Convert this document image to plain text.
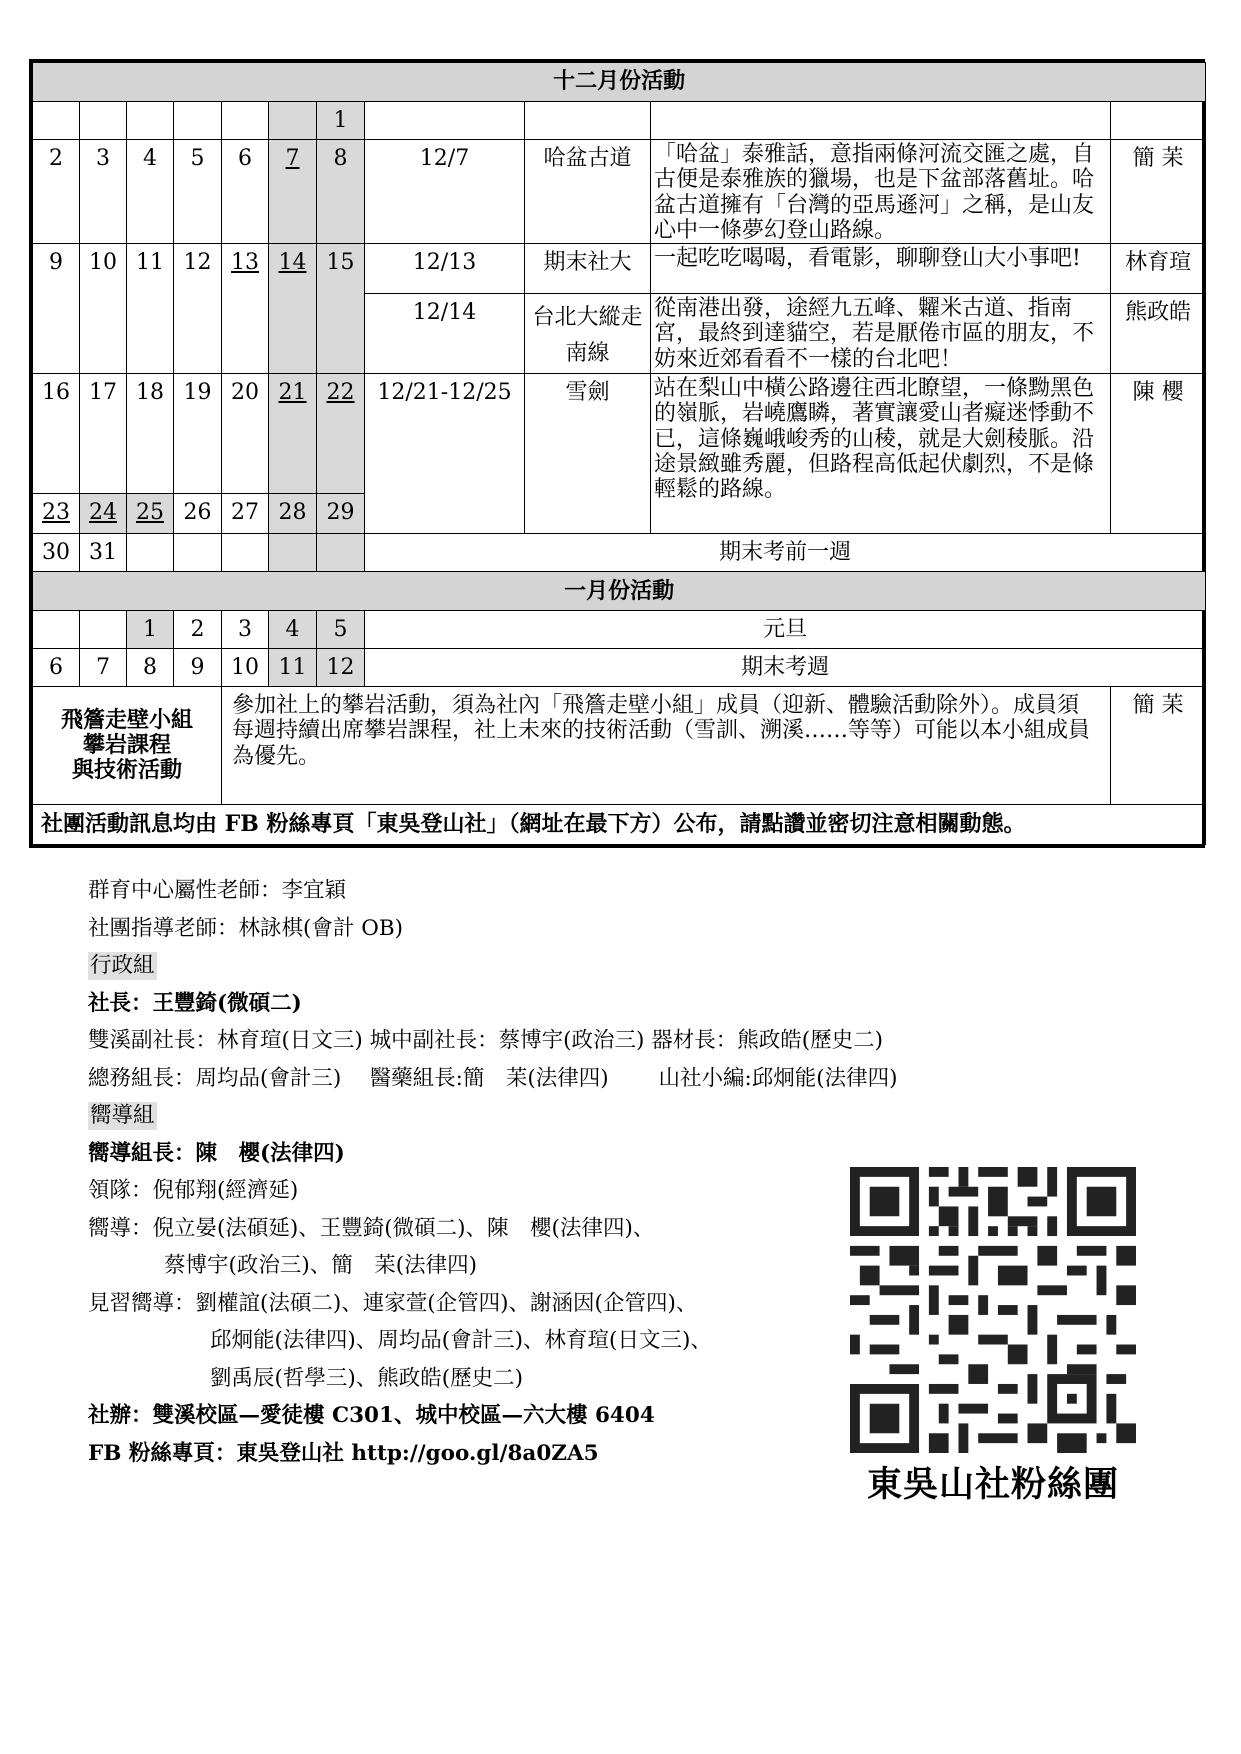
十二月份活動										
						1				
2	3	4	5	6	7	8	12/7	哈盆古道	「哈盆」泰雅話，意指兩條河流交匯之處，自古便是泰雅族的獵場，也是下盆部落舊址。哈盆古道擁有「台灣的亞馬遜河」之稱，是山友心中一條夢幻登山路線。	簡 苿
9	10	11	12	13	14	15	12/13	期末社大	一起吃吃喝喝，看電影，聊聊登山大小事吧!	林育瑄
							12/14	台北大縱走南線	從南港出發，途經九五峰、糶米古道、指南宮，最終到達貓空，若是厭倦市區的朋友，不妨來近郊看看不一樣的台北吧！	熊政皓
16	17	18	19	20	21	22	12/21-12/25	雪劍	站在梨山中橫公路邊往西北瞭望，一條黝黑色的嶺脈，岩嶢鷹瞵，著實讓愛山者癡迷悸動不已，這條巍峨峻秀的山稜，就是大劍稜脈。沿途景緻雖秀麗，但路程高低起伏劇烈，不是條輕鬆的路線。	陳 櫻
23	24	25	26	27	28	29				
30	31						期末考前一週			
一月份活動										
		1	2	3	4	5	元旦			
6	7	8	9	10	11	12	期末考週			

飛簷走壁小組
攀岩課程
與技術活動				參加社上的攀岩活動，須為社內「飛簷走壁小組」成員（迎新、體驗活動除外）。成員須每週持續出席攀岩課程，社上未來的技術活動（雪訓、溯溪……等等）可能以本小組成員為優先。						簡 苿
社團活動訊息均由 FB 粉絲專頁「東吳登山社」（網址在最下方）公布，請點讚並密切注意相關動態。										
群育中心屬性老師：李宜穎
社團指導老師：林詠棋(會計 OB)
行政組
社長：王豐錡(微碩二)
雙溪副社長：林育瑄(日文三) 城中副社長：蔡博宇(政治三) 器材長：熊政皓(歷史二)
總務組長：周均品(會計三)　 醫藥組長:簡　苿(法律四)　　 山社小編:邱炯能(法律四)
嚮導組
嚮導組長：陳　櫻(法律四)
領隊：倪郁翔(經濟延)
嚮導：倪立晏(法碩延)、王豐錡(微碩二)、陳　櫻(法律四)、
蔡博宇(政治三)、簡　苿(法律四)
見習嚮導：劉權誼(法碩二)、連家萱(企管四)、謝涵因(企管四)、
邱炯能(法律四)、周均品(會計三)、林育瑄(日文三)、
劉禹辰(哲學三)、熊政皓(歷史二)
社辦：雙溪校區—愛徒樓 C301、城中校區—六大樓 6404
FB 粉絲專頁：東吳登山社 http://goo.gl/8a0ZA5
東吳山社粉絲團
